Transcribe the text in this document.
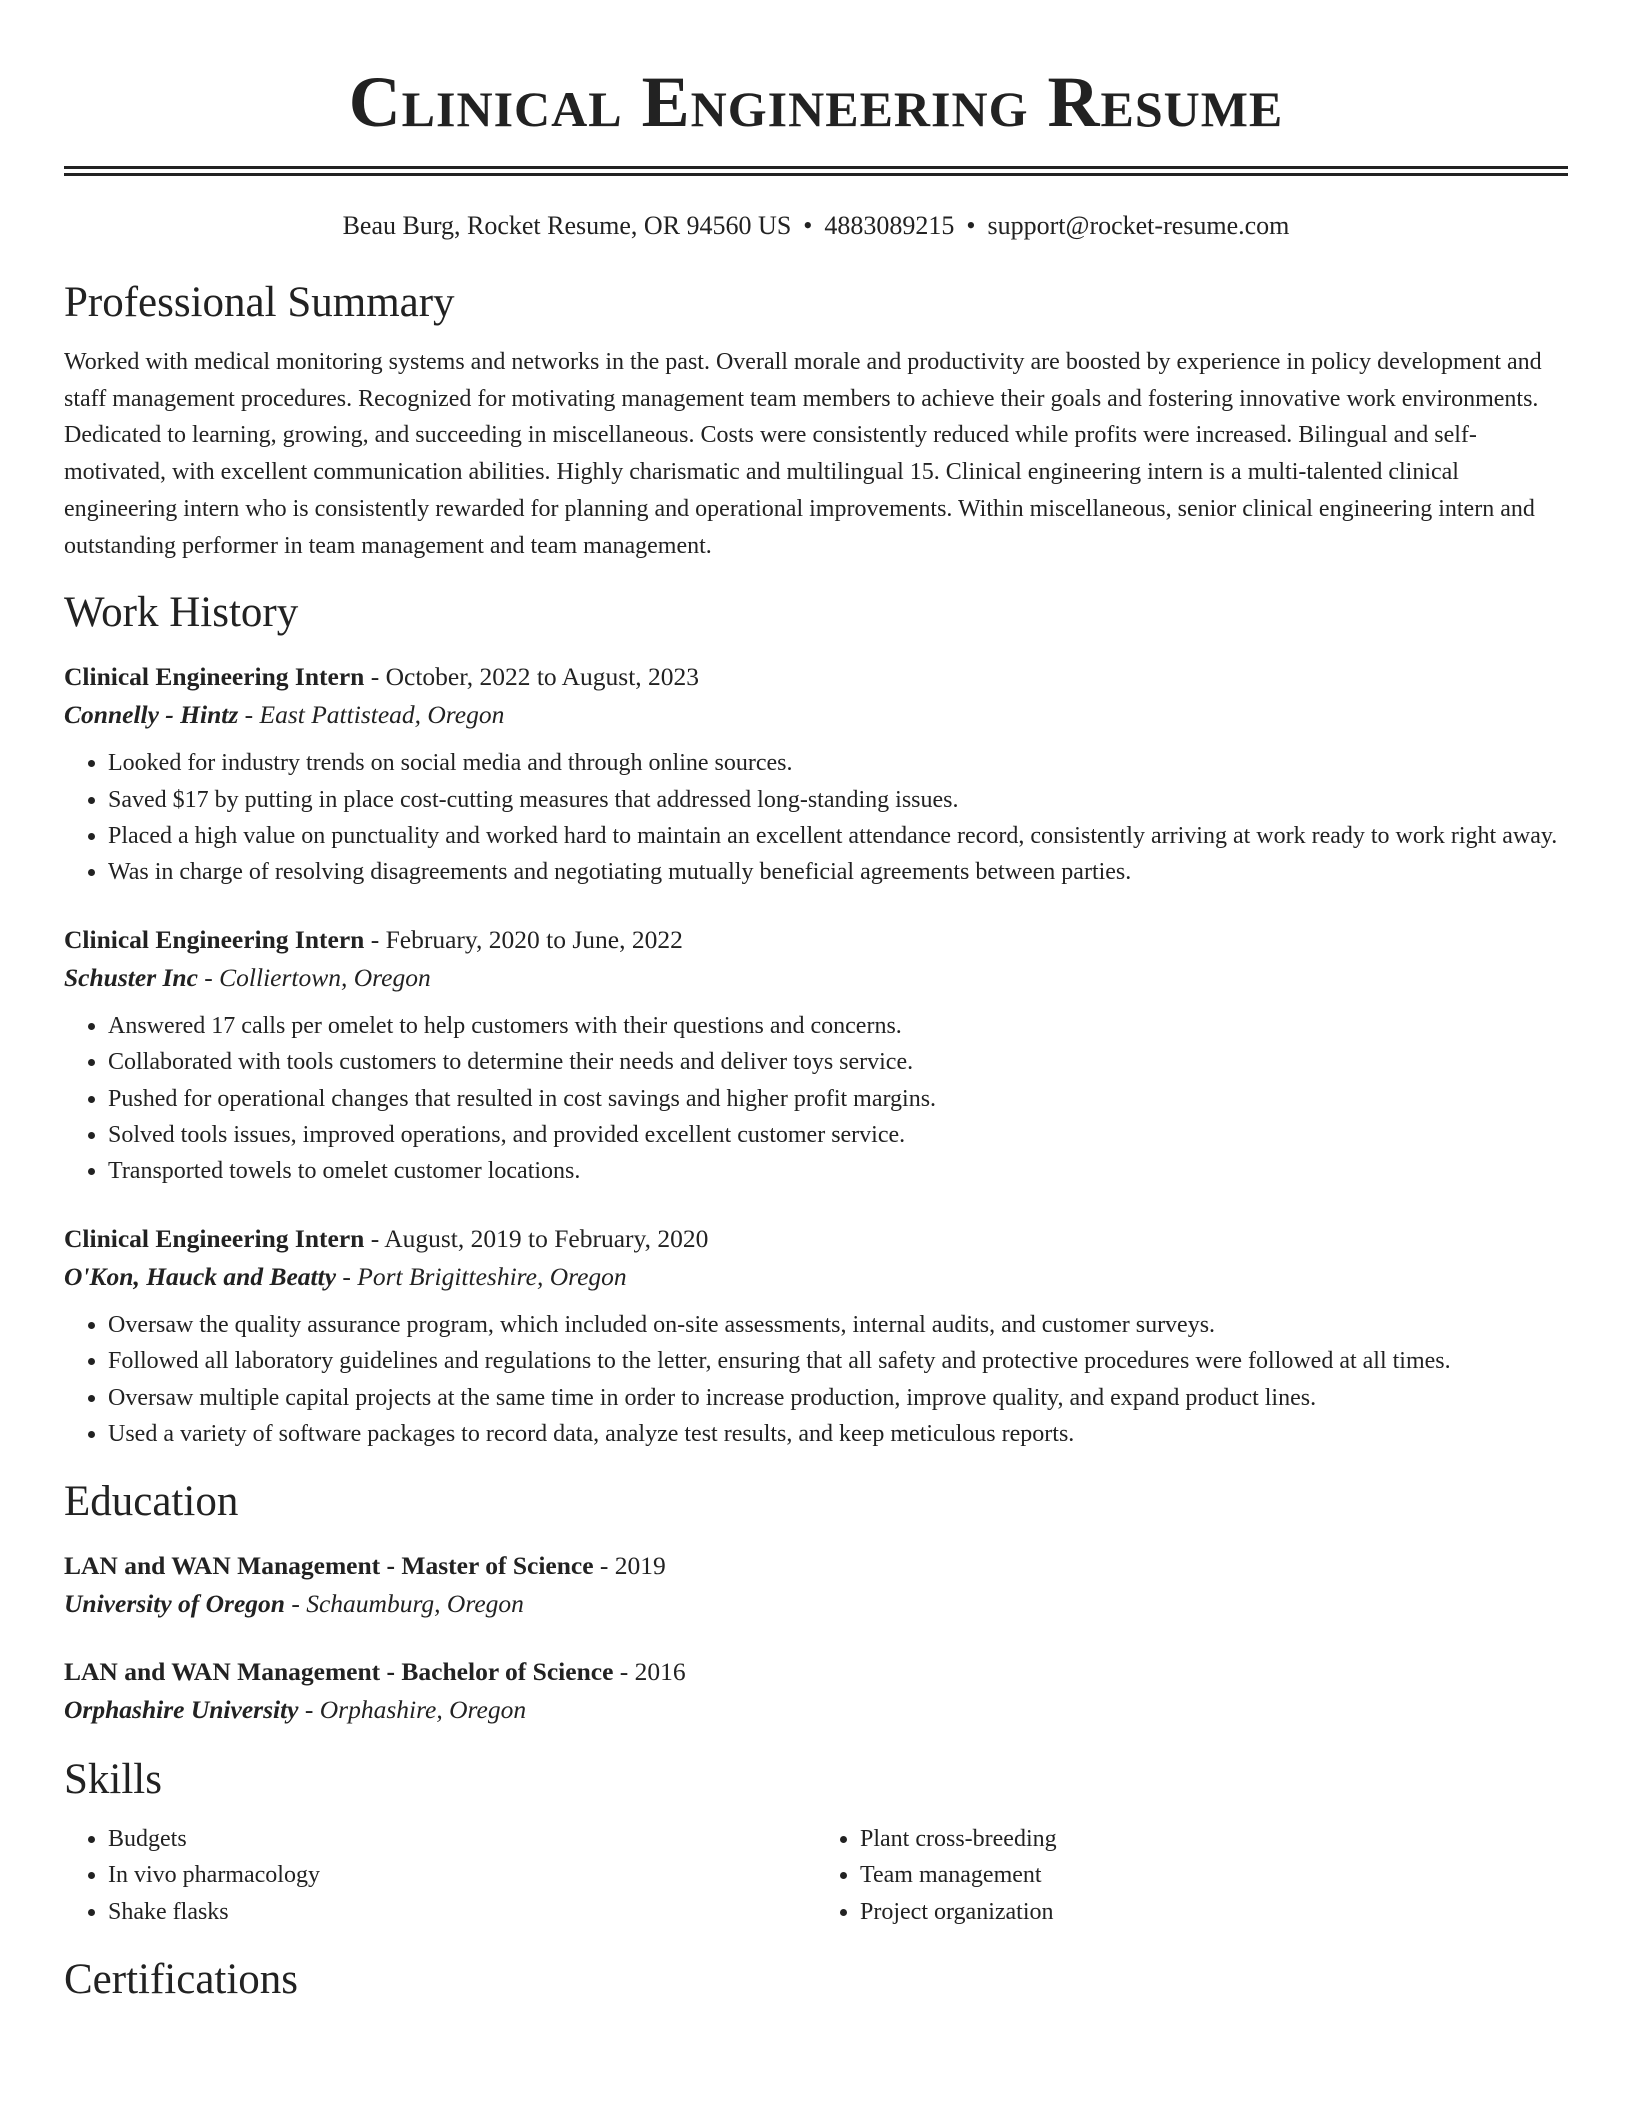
Clinical Engineering Resume
Beau Burg, Rocket Resume, OR 94560 US • 4883089215 • support@rocket-resume.com
Professional Summary

Worked with medical monitoring systems and networks in the past. Overall morale and productivity are boosted by experience in policy development and staff management procedures. Recognized for motivating management team members to achieve their goals and fostering innovative work environments. Dedicated to learning, growing, and succeeding in miscellaneous. Costs were consistently reduced while profits were increased. Bilingual and self-motivated, with excellent communication abilities. Highly charismatic and multilingual 15. Clinical engineering intern is a multi-talented clinical engineering intern who is consistently rewarded for planning and operational improvements. Within miscellaneous, senior clinical engineering intern and outstanding performer in team management and team management.

Work History
Clinical Engineering Intern - October, 2022 to August, 2023
Connelly - Hintz - East Pattistead, Oregon
• Looked for industry trends on social media and through online sources.
• Saved $17 by putting in place cost-cutting measures that addressed long-standing issues.
• Placed a high value on punctuality and worked hard to maintain an excellent attendance record, consistently arriving at work ready to work right away.
• Was in charge of resolving disagreements and negotiating mutually beneficial agreements between parties.
Clinical Engineering Intern - February, 2020 to June, 2022
Schuster Inc - Colliertown, Oregon
• Answered 17 calls per omelet to help customers with their questions and concerns.
• Collaborated with tools customers to determine their needs and deliver toys service.
• Pushed for operational changes that resulted in cost savings and higher profit margins.
• Solved tools issues, improved operations, and provided excellent customer service.
• Transported towels to omelet customer locations.
Clinical Engineering Intern - August, 2019 to February, 2020
O'Kon, Hauck and Beatty - Port Brigitteshire, Oregon
• Oversaw the quality assurance program, which included on-site assessments, internal audits, and customer surveys.
• Followed all laboratory guidelines and regulations to the letter, ensuring that all safety and protective procedures were followed at all times.
• Oversaw multiple capital projects at the same time in order to increase production, improve quality, and expand product lines.
• Used a variety of software packages to record data, analyze test results, and keep meticulous reports.
Education
LAN and WAN Management - Master of Science - 2019
University of Oregon - Schaumburg, Oregon
LAN and WAN Management - Bachelor of Science - 2016
Orphashire University - Orphashire, Oregon
Skills
• Budgets
• In vivo pharmacology
• Shake flasks
• Plant cross-breeding
• Team management
• Project organization
Certifications
